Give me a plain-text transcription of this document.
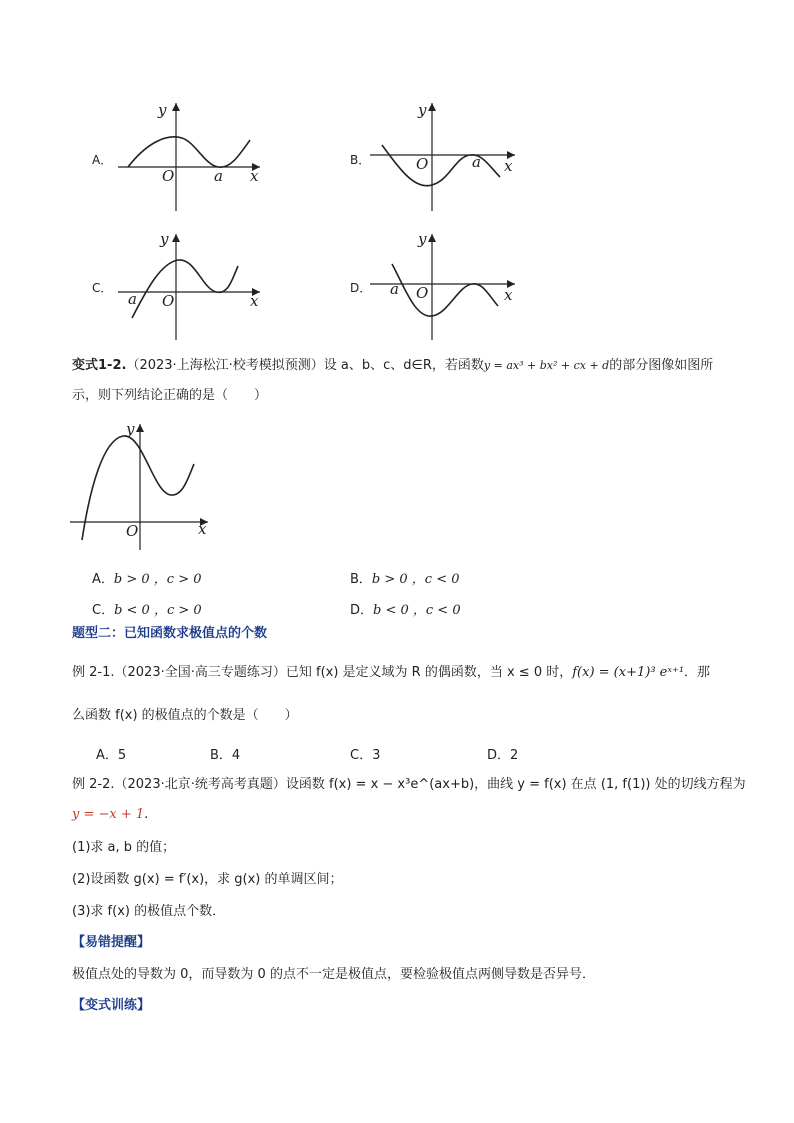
A．
y
O	a x
B．
y
O	a x
C．
y
O
a	x
D．
y
O
a	x
变式1-2.（2023·上海松江·校考模拟预测）设 a、b、c、d∈R，若函数y = ax³ + bx² + cx + d的部分图像如图所
示，则下列结论正确的是（　　）
y
O	x
A．b > 0 ，c > 0	B．b > 0 ，c < 0
C．b < 0 ，c > 0	D．b < 0 ，c < 0
题型二：已知函数求极值点的个数
例 2-1.（2023·全国·高三专题练习）已知 f(x) 是定义域为 R 的偶函数，当 x ≤ 0 时，f(x) = (x+1)³ eˣ⁺¹．那
么函数 f(x) 的极值点的个数是（　　）
A．5	B．4	C．3	D．2
例 2-2.（2023·北京·统考高考真题）设函数 f(x) = x − x³e^(ax+b)，曲线 y = f(x) 在点 (1, f(1)) 处的切线方程为
y = −x + 1.
(1)求 a, b 的值；
(2)设函数 g(x) = f′(x)，求 g(x) 的单调区间；
(3)求 f(x) 的极值点个数．
【易错提醒】
极值点处的导数为 0，而导数为 0 的点不一定是极值点，要检验极值点两侧导数是否异号．
【变式训练】
